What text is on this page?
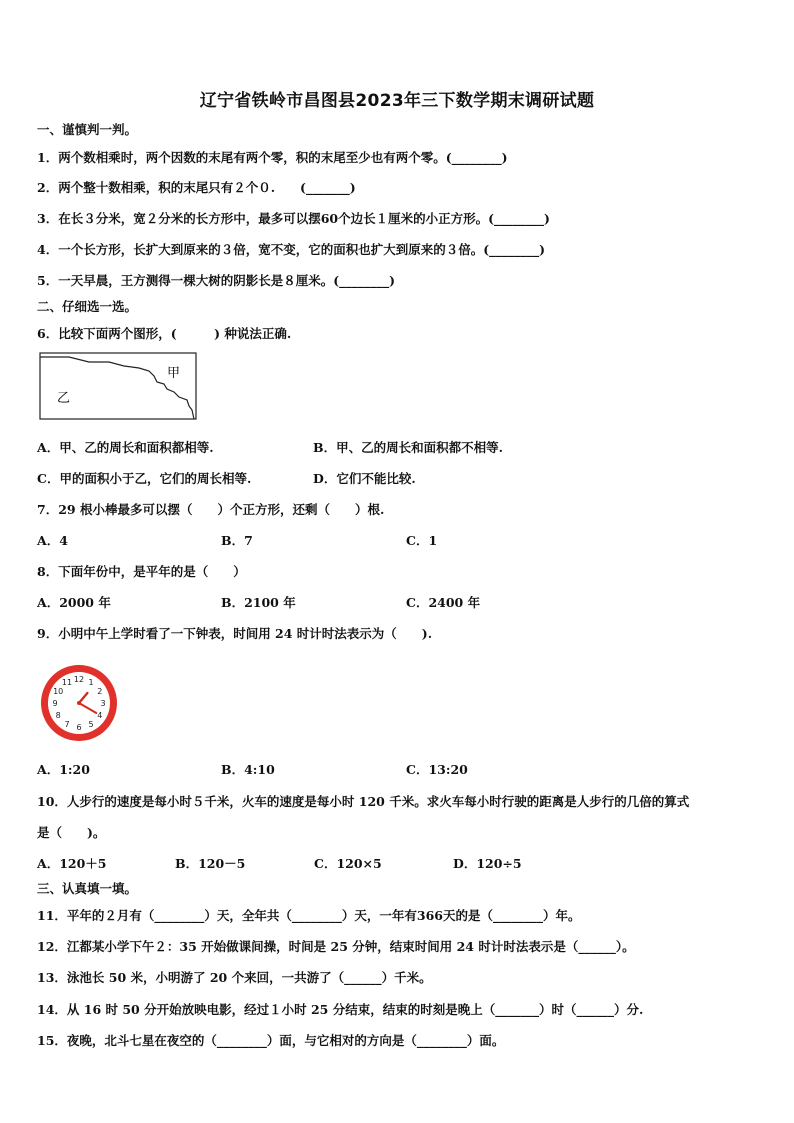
辽宁省铁岭市昌图县2023年三下数学期末调研试题
一、谨慎判一判。
1．两个数相乘时，两个因数的末尾有两个零，积的末尾至少也有两个零。(________)
2．两个整十数相乘，积的末尾只有２个０.　　(_______)
3．在长３分米，宽２分米的长方形中，最多可以摆60个边长１厘米的小正方形。(________)
4．一个长方形，长扩大到原来的３倍，宽不变，它的面积也扩大到原来的３倍。(________)
5．一天早晨，王方测得一棵大树的阴影长是８厘米。(________)
二、仔细选一选。
6．比较下面两个图形，(　　　) 种说法正确.
甲
乙
A．甲、乙的周长和面积都相等.	B．甲、乙的周长和面积都不相等.
C．甲的面积小于乙，它们的周长相等.	D．它们不能比较.
7．29 根小棒最多可以摆（　　）个正方形，还剩（　　）根.
A．4	B．7	C．1
8．下面年份中，是平年的是（　　）
A．2000 年	B．2100 年	C．2400 年
9．小明中午上学时看了一下钟表，时间用 24 时计时法表示为（　　).
12 1
2
3
4
5
6
7
8
9
10
11
A．1:20	B．4:10	C．13:20
10．人步行的速度是每小时５千米，火车的速度是每小时 120 千米。求火车每小时行驶的距离是人步行的几倍的算式
是（　　)。
A．120＋5	B．120－5	C．120×5	D．120÷5
三、认真填一填。
11．平年的２月有（________）天，全年共（________）天，一年有366天的是（________）年。
12．江都某小学下午２：35 开始做课间操，时间是 25 分钟，结束时间用 24 时计时法表示是（______）。
13．泳池长 50 米，小明游了 20 个来回，一共游了（______）千米。
14．从 16 时 50 分开始放映电影，经过１小时 25 分结束，结束的时刻是晚上（_______）时（______）分.
15．夜晚，北斗七星在夜空的（________）面，与它相对的方向是（________）面。
